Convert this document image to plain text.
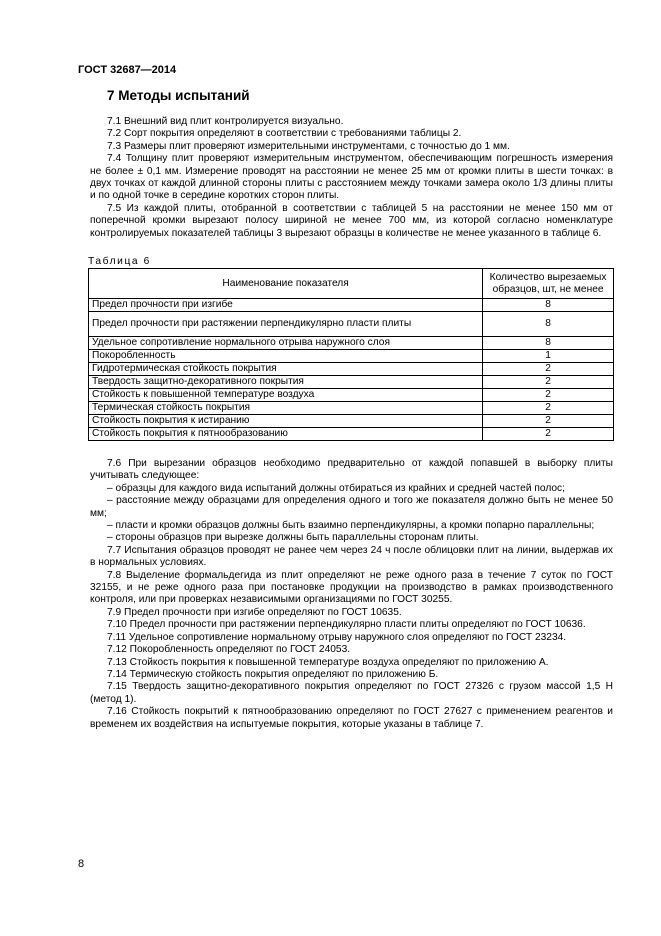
ГОСТ 32687—2014
7 Методы испытаний

7.1 Внешний вид плит контролируется визуально.

7.2 Сорт покрытия определяют в соответствии с требованиями таблицы 2.

7.3 Размеры плит проверяют измерительными инструментами, с точностью до 1 мм.

7.4 Толщину плит проверяют измерительным инструментом, обеспечивающим погрешность измерения не более ± 0,1 мм. Измерение проводят на расстоянии не менее 25 мм от кромки плиты в шести точках: в двух точках от каждой длинной стороны плиты с расстоянием между точками замера около 1/3 длины плиты и по одной точке в середине коротких сторон плиты.

7.5 Из каждой плиты, отобранной в соответствии с таблицей 5 на расстоянии не менее 150 мм от поперечной кромки вырезают полосу шириной не менее 700 мм, из которой согласно номенклатуре контролируемых показателей таблицы 3 вырезают образцы в количестве не менее указанного в таблице 6.

Таблица 6
Наименование показателя	Количество вырезаемых образцов, шт, не менее
Предел прочности при изгибе	8
Предел прочности при растяжении перпендикулярно пласти плиты	8
Удельное сопротивление нормального отрыва наружного слоя	8
Покоробленность	1
Гидротермическая стойкость покрытия	2
Твердость защитно-декоративного покрытия	2
Стойкость к повышенной температуре воздуха	2
Термическая стойкость покрытия	2
Стойкость покрытия к истиранию	2
Стойкость покрытия к пятнообразованию	2

7.6 При вырезании образцов необходимо предварительно от каждой попавшей в выборку плиты учитывать следующее:

– образцы для каждого вида испытаний должны отбираться из крайних и средней частей полос;

– расстояние между образцами для определения одного и того же показателя должно быть не менее 50 мм;

– пласти и кромки образцов должны быть взаимно перпендикулярны, а кромки попарно параллельны;

– стороны образцов при вырезке должны быть параллельны сторонам плиты.

7.7 Испытания образцов проводят не ранее чем через 24 ч после облицовки плит на линии, выдержав их в нормальных условиях.

7.8 Выделение формальдегида из плит определяют не реже одного раза в течение 7 суток по ГОСТ 32155, и не реже одного раза при постановке продукции на производство в рамках производственного контроля, или при проверках независимыми организациями по ГОСТ 30255.

7.9 Предел прочности при изгибе определяют по ГОСТ 10635.

7.10 Предел прочности при растяжении перпендикулярно пласти плиты определяют по ГОСТ 10636.

7.11 Удельное сопротивление нормальному отрыву наружного слоя определяют по ГОСТ 23234.

7.12 Покоробленность определяют по ГОСТ 24053.

7.13 Стойкость покрытия к повышенной температуре воздуха определяют по приложению А.

7.14 Термическую стойкость покрытия определяют по приложению Б.

7.15 Твердость защитно-декоративного покрытия определяют по ГОСТ 27326 с грузом массой 1,5 Н (метод 1).

7.16 Стойкость покрытий к пятнообразованию определяют по ГОСТ 27627 с применением реагентов и временем их воздействия на испытуемые покрытия, которые указаны в таблице 7.

8
